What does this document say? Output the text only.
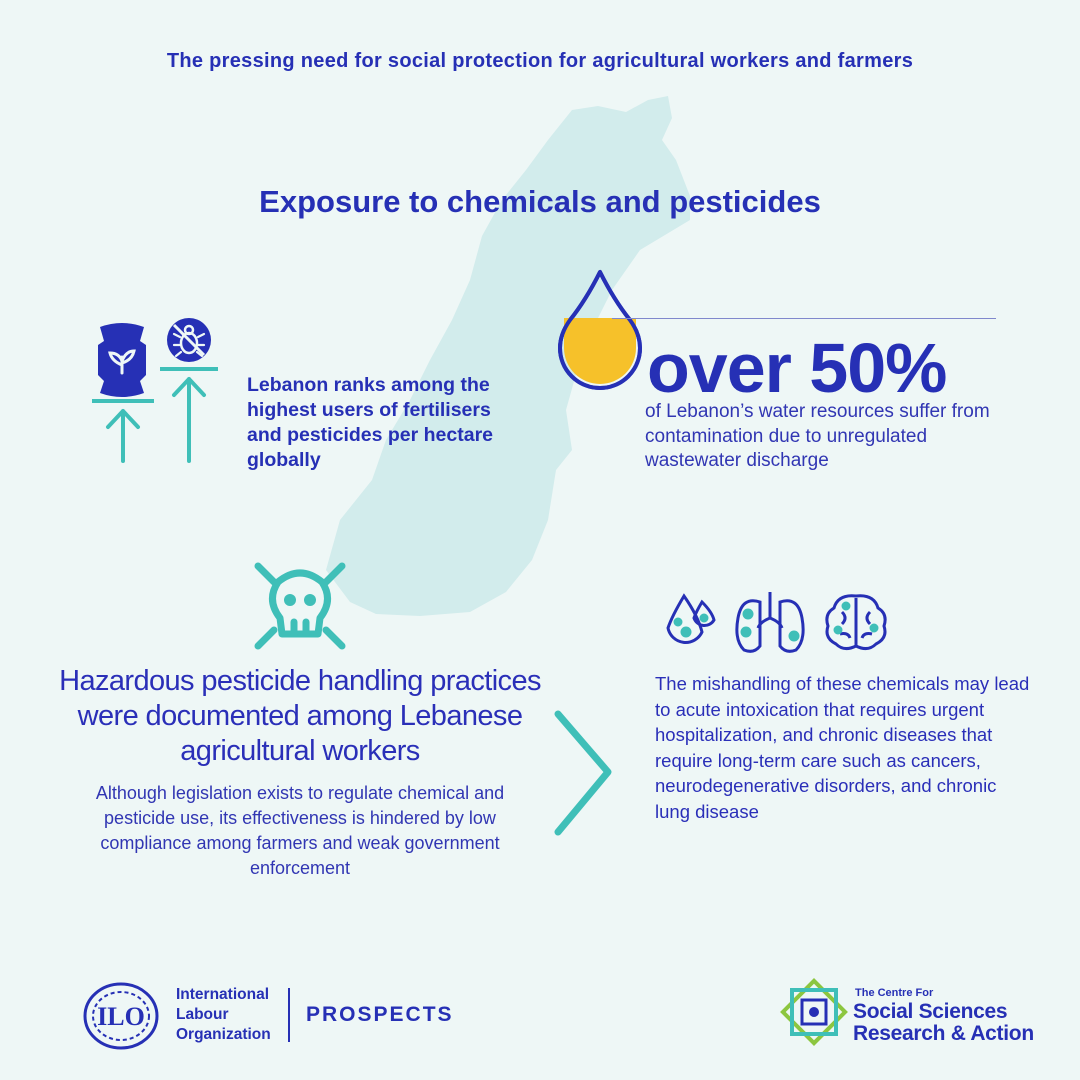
The pressing need for social protection for agricultural workers and farmers
Exposure to chemicals and pesticides
Lebanon ranks among the highest users of fertilisers and pesticides per hectare globally
over 50%
of Lebanon’s water resources suffer from contamination due to unregulated wastewater discharge
Hazardous pesticide handling practices were documented among Lebanese agricultural workers
Although legislation exists to regulate chemical and pesticide use, its effectiveness is hindered by low compliance among farmers and weak government enforcement
The mishandling of these chemicals may lead to acute intoxication that requires urgent hospitalization, and chronic diseases that require long-term care such as cancers, neurodegenerative disorders, and chronic lung disease
ILO
International
Labour
Organization
PROSPECTS
The Centre For
Social Sciences
Research & Action
